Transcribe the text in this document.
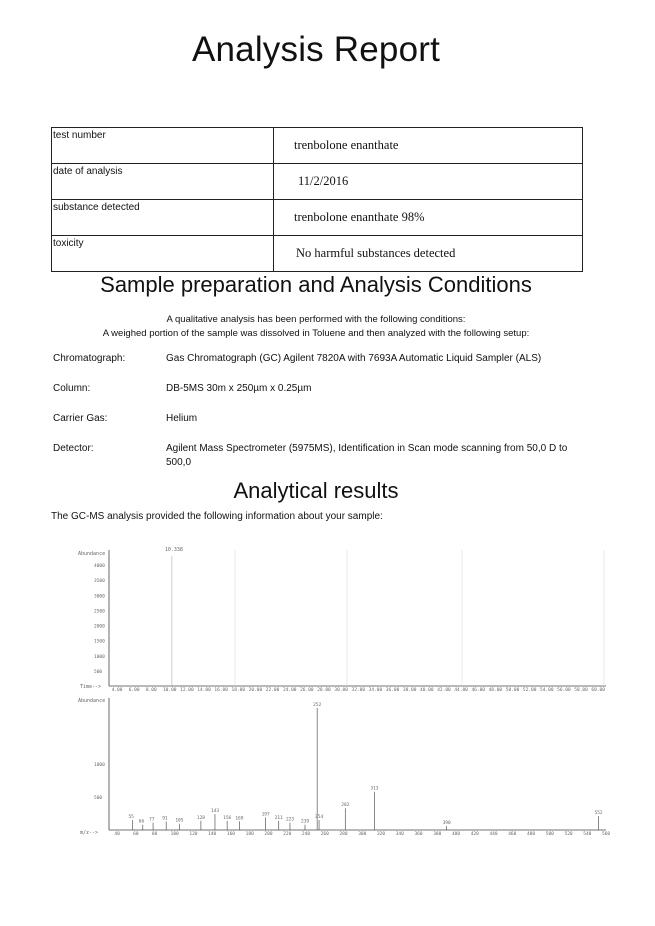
Analysis Report
test number	trenbolone enanthate
date of analysis	11/2/2016
substance detected	trenbolone enanthate 98%
toxicity	No harmful substances detected
Sample preparation and Analysis Conditions
A qualitative analysis has been performed with the following conditions:
A weighed portion of the sample was dissolved in Toluene and then analyzed with the following setup:
Chromatograph:	Gas Chromatograph (GC) Agilent 7820A with 7693A Automatic Liquid Sampler (ALS)
Column:	DB-5MS 30m x 250µm x 0.25µm
Carrier Gas:	Helium
Detector:	Agilent Mass Spectrometer (5975MS), Identification in Scan mode scanning from 50,0 D to 500,0
Analytical results
The GC-MS analysis provided the following information about your sample:
Abundance
Time-->
4000
3500
3000
2500
2000
1500
1000
500
4.00 6.00 8.00 10.00 12.00 14.00 16.00 18.00 20.00 22.00 24.00 26.00 28.00 30.00 32.00 34.00 36.00 38.00 40.00 42.00 44.00 46.00 48.00 50.00 52.00 54.00 56.00 58.00 60.00
10.338
Abundance
m/z-->
1000
500
40	60	80	100 120 140 160 180 200 220 240 260 280 300 320 340 360 380 400 420 440 460 480 500 520 540 560
55
66 77 91 105
143
128	156 169
197
211 223
254
239
282
252
313
390
552
